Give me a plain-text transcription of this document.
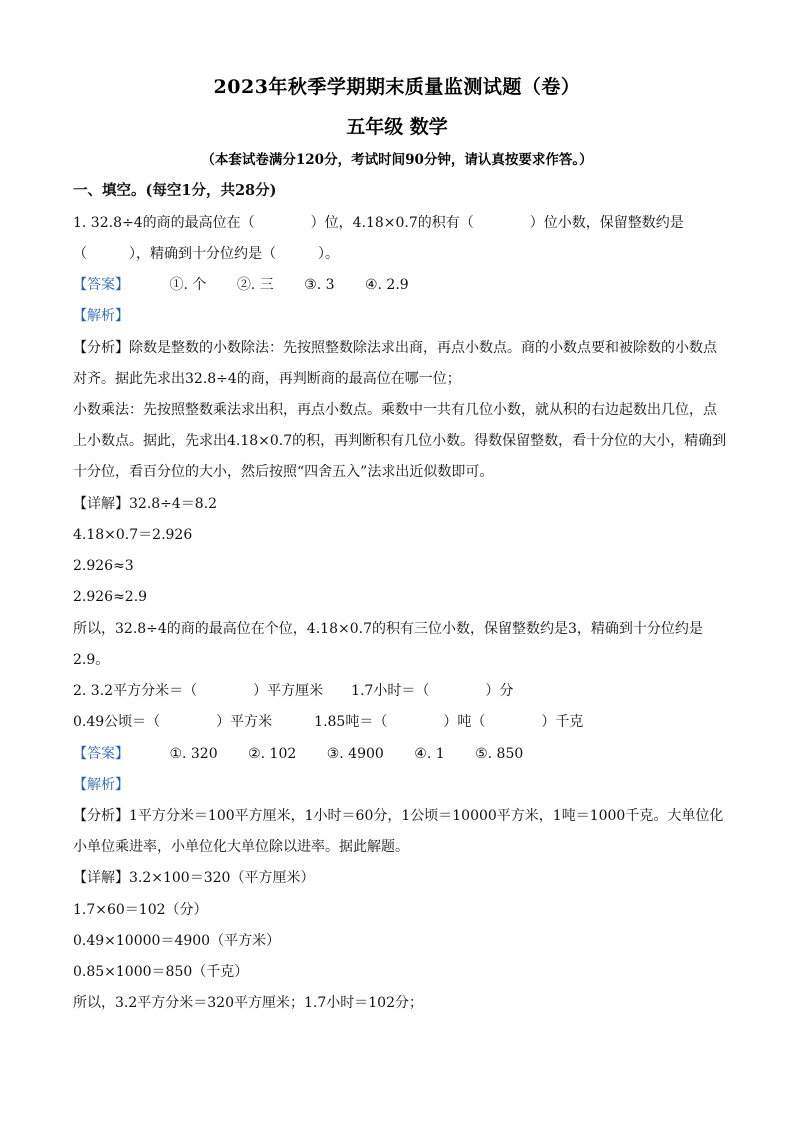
2023年秋季学期期末质量监测试题（卷）
五年级 数学
（本套试卷满分120分，考试时间90分钟，请认真按要求作答。）
一、填空。(每空1分，共28分)
1. 32.8÷4的商的最高位在（　　　　）位，4.18×0.7的积有（　　　　）位小数，保留整数约是
（　　　），精确到十分位约是（　　　）。
【答案】	①. 个 ②. 三 ③. 3 ④. 2.9
【解析】
【分析】除数是整数的小数除法：先按照整数除法求出商，再点小数点。商的小数点要和被除数的小数点
对齐。据此先求出32.8÷4的商，再判断商的最高位在哪一位；
小数乘法：先按照整数乘法求出积，再点小数点。乘数中一共有几位小数，就从积的右边起数出几位，点
上小数点。据此，先求出4.18×0.7的积，再判断积有几位小数。得数保留整数，看十分位的大小，精确到
十分位，看百分位的大小，然后按照“四舍五入”法求出近似数即可。
【详解】32.8÷4＝8.2
4.18×0.7＝2.926
2.926≈3
2.926≈2.9
所以，32.8÷4的商的最高位在个位，4.18×0.7的积有三位小数，保留整数约是3，精确到十分位约是
2.9。
2. 3.2平方分米＝（　　　　）平方厘米　　1.7小时＝（　　　　）分
0.49公顷＝（　　　　）平方米　　　1.85吨＝（　　　　）吨（　　　　）千克
【答案】	①. 320 ②. 102 ③. 4900 ④. 1 ⑤. 850
【解析】
【分析】1平方分米＝100平方厘米，1小时＝60分，1公顷＝10000平方米，1吨＝1000千克。大单位化
小单位乘进率，小单位化大单位除以进率。据此解题。
【详解】3.2×100＝320（平方厘米）
1.7×60＝102（分）
0.49×10000＝4900（平方米）
0.85×1000＝850（千克）
所以，3.2平方分米＝320平方厘米；1.7小时＝102分；
